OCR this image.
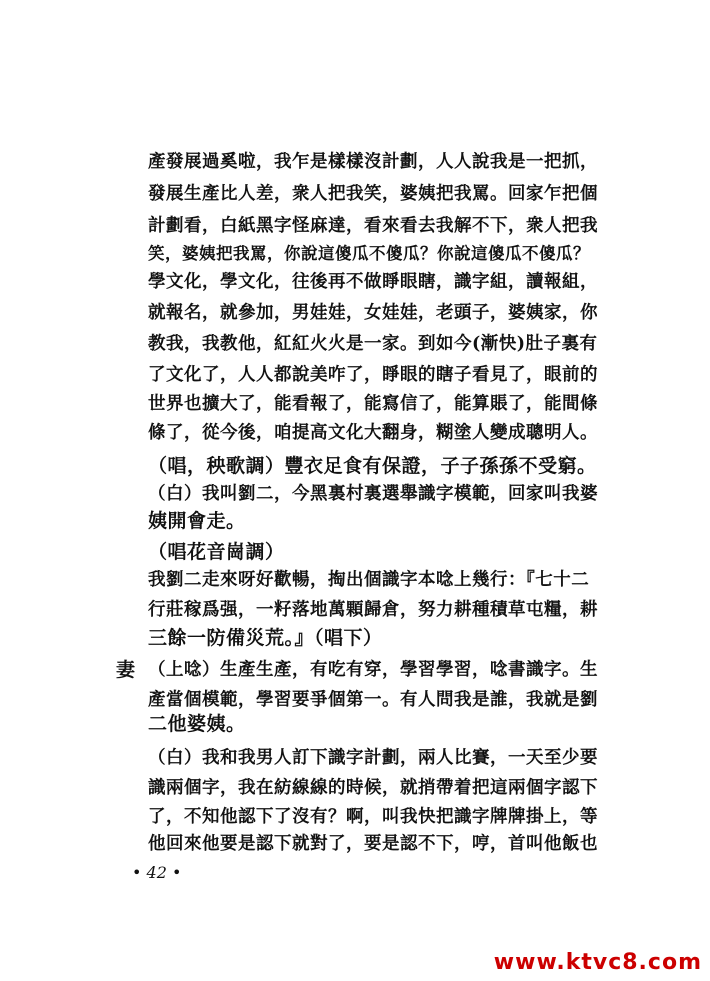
產發展過奚啦，我乍是樣樣沒計劃，人人說我是一把抓，
發展生產比人差，衆人把我笑，婆姨把我罵。回家乍把個
計劃看，白紙黑字怪麻達，看來看去我解不下，衆人把我
笑，婆姨把我罵，你說這傻瓜不傻瓜？你說這傻瓜不傻瓜？
學文化，學文化，往後再不做睜眼瞎，識字組，讀報組，
就報名，就參加，男娃娃，女娃娃，老頭子，婆姨家，你
教我，我教他，紅紅火火是一家。到如今(漸快)肚子裏有
了文化了，人人都說美咋了，睜眼的瞎子看見了，眼前的
世界也擴大了，能看報了，能寫信了，能算賬了，能間條
條了，從今後，咱提高文化大翻身，糊塗人變成聰明人。
（唱，秧歌調）豐衣足食有保證，子子孫孫不受窮。
（白）我叫劉二，今黑裏村裏選舉識字模範，回家叫我婆
姨開會走。
（唱花音崗調）
我劉二走來呀好歡暢，掏出個識字本唸上幾行：『七十二
行莊稼爲强，一籽落地萬顆歸倉，努力耕種積草屯糧，耕
三餘一防備災荒。』（唱下）
妻 （上唸）生產生產，有吃有穿，學習學習，唸書識字。生
產當個模範，學習要爭個第一。有人問我是誰，我就是劉
二他婆姨。
（白）我和我男人訂下識字計劃，兩人比賽，一天至少要
識兩個字，我在紡線線的時候，就捎帶着把這兩個字認下
了，不知他認下了沒有？啊，叫我快把識字牌牌掛上，等
他回來他要是認下就對了，要是認不下，哼，首叫他飯也
• 42 •
www.ktvc8.com
